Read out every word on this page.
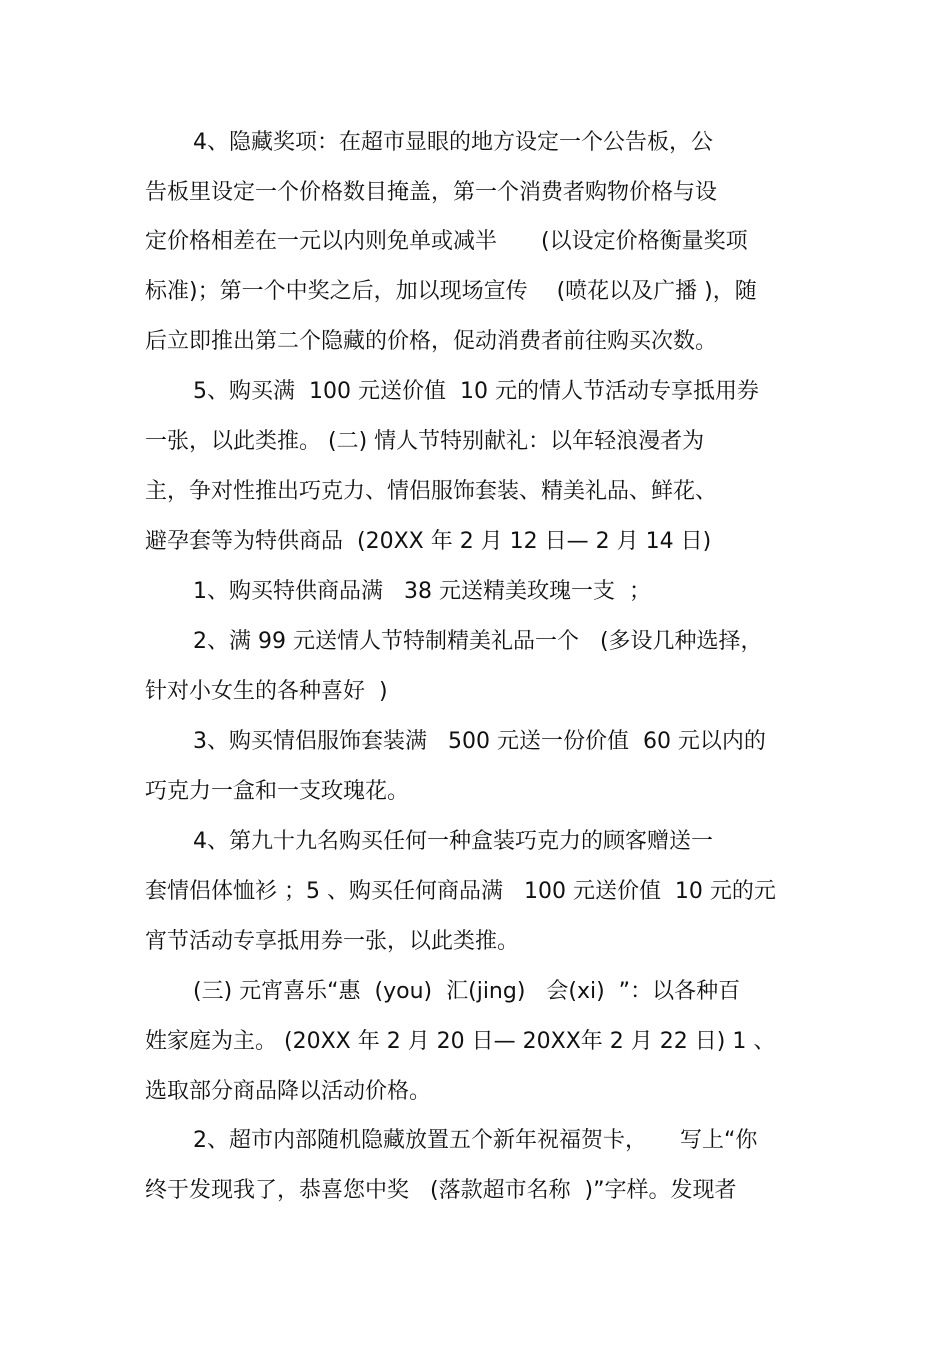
4、隐藏奖项：在超市显眼的地方设定一个公告板，公
告板里设定一个价格数目掩盖，第一个消费者购物价格与设
定价格相差在一元以内则免单或减半　　(以设定价格衡量奖项
标准)；第一个中奖之后，加以现场宣传　 (喷花以及广播 )，随
后立即推出第二个隐藏的价格，促动消费者前往购买次数。
5、购买满  100 元送价值  10 元的情人节活动专享抵用券
一张，以此类推。 (二) 情人节特别献礼：以年轻浪漫者为
主，争对性推出巧克力、情侣服饰套装、精美礼品、鲜花、
避孕套等为特供商品  (20XX 年 2 月 12 日— 2 月 14 日)
1、购买特供商品满   38 元送精美玫瑰一支  ；
2、满 99 元送情人节特制精美礼品一个   (多设几种选择，
针对小女生的各种喜好  )
3、购买情侣服饰套装满   500 元送一份价值  60 元以内的
巧克力一盒和一支玫瑰花。
4、第九十九名购买任何一种盒装巧克力的顾客赠送一
套情侣体恤衫 ；5 、购买任何商品满   100 元送价值  10 元的元
宵节活动专享抵用券一张，以此类推。
(三) 元宵喜乐“惠  (you)  汇(jing)   会(xi)  ”：以各种百
姓家庭为主。 (20XX 年 2 月 20 日— 20XX年 2 月 22 日) 1 、
选取部分商品降以活动价格。
2、超市内部随机隐藏放置五个新年祝福贺卡，　　写上“你
终于发现我了，恭喜您中奖   (落款超市名称  )”字样。发现者
